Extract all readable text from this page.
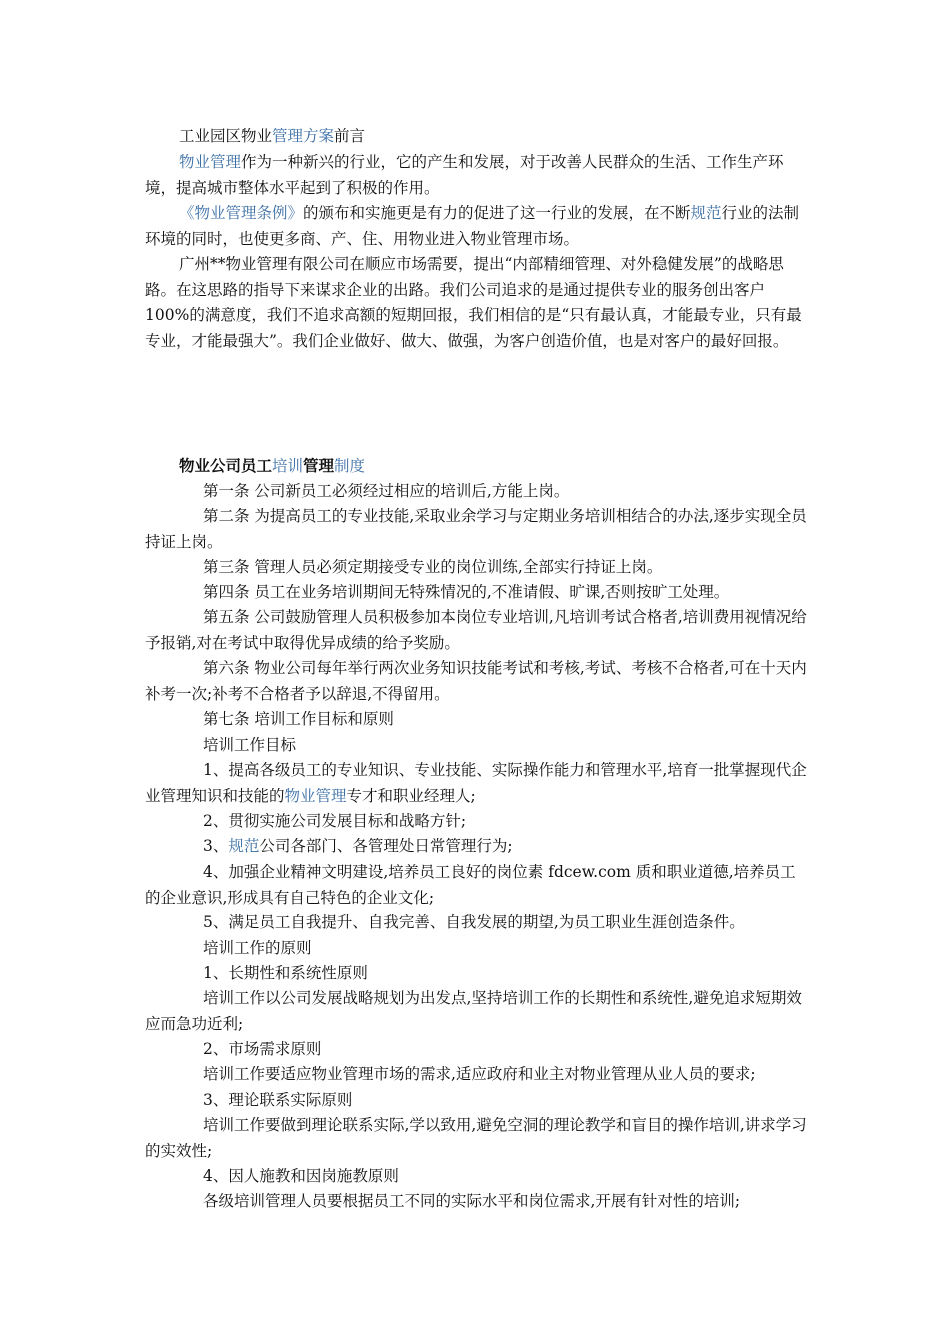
工业园区物业管理方案前言

物业管理作为一种新兴的行业，它的产生和发展，对于改善人民群众的生活、工作生产环境，提高城市整体水平起到了积极的作用。

《物业管理条例》的颁布和实施更是有力的促进了这一行业的发展，在不断规范行业的法制环境的同时，也使更多商、产、住、用物业进入物业管理市场。

广州**物业管理有限公司在顺应市场需要，提出“内部精细管理、对外稳健发展”的战略思路。在这思路的指导下来谋求企业的出路。我们公司追求的是通过提供专业的服务创出客户 100%的满意度，我们不追求高额的短期回报，我们相信的是“只有最认真，才能最专业，只有最专业，才能最强大”。我们企业做好、做大、做强，为客户创造价值，也是对客户的最好回报。

物业公司员工培训管理制度

第一条 公司新员工必须经过相应的培训后,方能上岗。

第二条 为提高员工的专业技能,采取业余学习与定期业务培训相结合的办法,逐步实现全员持证上岗。

第三条 管理人员必须定期接受专业的岗位训练,全部实行持证上岗。

第四条 员工在业务培训期间无特殊情况的,不准请假、旷课,否则按旷工处理。

第五条 公司鼓励管理人员积极参加本岗位专业培训,凡培训考试合格者,培训费用视情况给予报销,对在考试中取得优异成绩的给予奖励。

第六条 物业公司每年举行两次业务知识技能考试和考核,考试、考核不合格者,可在十天内补考一次;补考不合格者予以辞退,不得留用。

第七条 培训工作目标和原则

培训工作目标

1、提高各级员工的专业知识、专业技能、实际操作能力和管理水平,培育一批掌握现代企业管理知识和技能的物业管理专才和职业经理人;

2、贯彻实施公司发展目标和战略方针;

3、规范公司各部门、各管理处日常管理行为;

4、加强企业精神文明建设,培养员工良好的岗位素 fdcew.com 质和职业道德,培养员工的企业意识,形成具有自己特色的企业文化;

5、满足员工自我提升、自我完善、自我发展的期望,为员工职业生涯创造条件。

培训工作的原则

1、长期性和系统性原则

培训工作以公司发展战略规划为出发点,坚持培训工作的长期性和系统性,避免追求短期效应而急功近利;

2、市场需求原则

培训工作要适应物业管理市场的需求,适应政府和业主对物业管理从业人员的要求;

3、理论联系实际原则

培训工作要做到理论联系实际,学以致用,避免空洞的理论教学和盲目的操作培训,讲求学习的实效性;

4、因人施教和因岗施教原则

各级培训管理人员要根据员工不同的实际水平和岗位需求,开展有针对性的培训;
